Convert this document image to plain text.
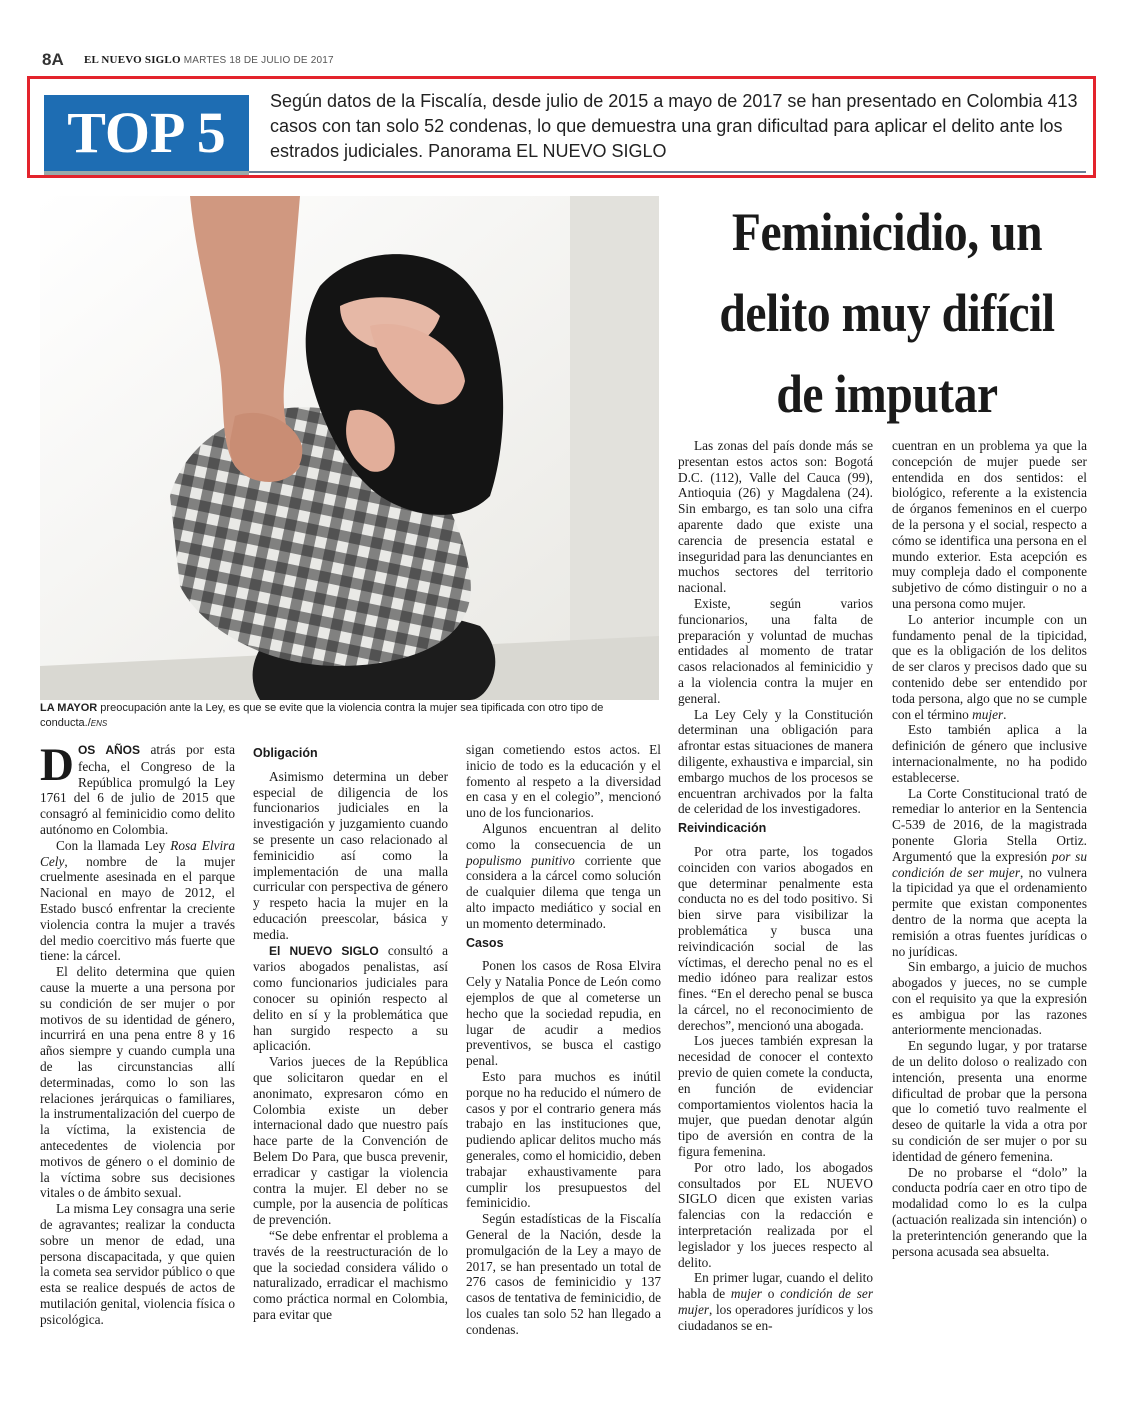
8A EL NUEVO SIGLO MARTES 18 DE JULIO DE 2017
TOP 5	Según datos de la Fiscalía, desde julio de 2015 a mayo de 2017 se han presentado en Colombia 413 casos con tan solo 52 condenas, lo que demuestra una gran dificultad para aplicar el delito ante los estrados judiciales. Panorama EL NUEVO SIGLO
LA MAYOR preocupación ante la Ley, es que se evite que la violencia contra la mujer sea tipificada con otro tipo de conducta./ENS
Feminicidio, un
delito muy difícil
de imputar

DOS AÑOS atrás por esta fecha, el Congreso de la República promulgó la Ley 1761 del 6 de julio de 2015 que consagró al feminicidio como delito autónomo en Colombia.

Con la llamada Ley Rosa Elvira Cely, nombre de la mujer cruelmente asesinada en el parque Nacional en mayo de 2012, el Estado buscó enfrentar la creciente violencia contra la mujer a través del medio coercitivo más fuerte que tiene: la cárcel.

El delito determina que quien cause la muerte a una persona por su condición de ser mujer o por motivos de su identidad de género, incurrirá en una pena entre 8 y 16 años siempre y cuando cumpla una de las circunstancias allí determinadas, como lo son las relaciones jerárquicas o familiares, la instrumentalización del cuerpo de la víctima, la existencia de antecedentes de violencia por motivos de género o el dominio de la víctima sobre sus decisiones vitales o de ámbito sexual.

La misma Ley consagra una serie de agravantes; realizar la conducta sobre un menor de edad, una persona discapacitada, y que quien la cometa sea servidor público o que esta se realice después de actos de mutilación genital, violencia física o psicológica.

Obligación

Asimismo determina un deber especial de diligencia de los funcionarios judiciales en la investigación y juzgamiento cuando se presente un caso relacionado al feminicidio así como la implementación de una malla curricular con perspectiva de género y respeto hacia la mujer en la educación preescolar, básica y media.

El NUEVO SIGLO consultó a varios abogados penalistas, así como funcionarios judiciales para conocer su opinión respecto al delito en sí y la problemática que han surgido respecto a su aplicación.

Varios jueces de la República que solicitaron quedar en el anonimato, expresaron cómo en Colombia existe un deber internacional dado que nuestro país hace parte de la Convención de Belem Do Para, que busca prevenir, erradicar y castigar la violencia contra la mujer. El deber no se cumple, por la ausencia de políticas de prevención.

“Se debe enfrentar el problema a través de la reestructuración de lo que la sociedad considera válido o naturalizado, erradicar el machismo como práctica normal en Colombia, para evitar que

sigan cometiendo estos actos. El inicio de todo es la educación y el fomento al respeto a la diversidad en casa y en el colegio”, mencionó uno de los funcionarios.

Algunos encuentran al delito como la consecuencia de un populismo punitivo corriente que considera a la cárcel como solución de cualquier dilema que tenga un alto impacto mediático y social en un momento determinado.

Casos

Ponen los casos de Rosa Elvira Cely y Natalia Ponce de León como ejemplos de que al cometerse un hecho que la sociedad repudia, en lugar de acudir a medios preventivos, se busca el castigo penal.

Esto para muchos es inútil porque no ha reducido el número de casos y por el contrario genera más trabajo en las instituciones que, pudiendo aplicar delitos mucho más generales, como el homicidio, deben trabajar exhaustivamente para cumplir los presupuestos del feminicidio.

Según estadísticas de la Fiscalía General de la Nación, desde la promulgación de la Ley a mayo de 2017, se han presentado un total de 276 casos de feminicidio y 137 casos de tentativa de feminicidio, de los cuales tan solo 52 han llegado a condenas.

Las zonas del país donde más se presentan estos actos son: Bogotá D.C. (112), Valle del Cauca (99), Antioquia (26) y Magdalena (24). Sin embargo, es tan solo una cifra aparente dado que existe una carencia de presencia estatal e inseguridad para las denunciantes en muchos sectores del territorio nacional.

Existe, según varios funcionarios, una falta de preparación y voluntad de muchas entidades al momento de tratar casos relacionados al feminicidio y a la violencia contra la mujer en general.

La Ley Cely y la Constitución determinan una obligación para afrontar estas situaciones de manera diligente, exhaustiva e imparcial, sin embargo muchos de los procesos se encuentran archivados por la falta de celeridad de los investigadores.

Reivindicación

Por otra parte, los togados coinciden con varios abogados en que determinar penalmente esta conducta no es del todo positivo. Si bien sirve para visibilizar la problemática y busca una reivindicación social de las víctimas, el derecho penal no es el medio idóneo para realizar estos fines. “En el derecho penal se busca la cárcel, no el reconocimiento de derechos”, mencionó una abogada.

Los jueces también expresan la necesidad de conocer el contexto previo de quien comete la conducta, en función de evidenciar comportamientos violentos hacia la mujer, que puedan denotar algún tipo de aversión en contra de la figura femenina.

Por otro lado, los abogados consultados por EL NUEVO SIGLO dicen que existen varias falencias con la redacción e interpretación realizada por el legislador y los jueces respecto al delito.

En primer lugar, cuando el delito habla de mujer o condición de ser mujer, los operadores jurídicos y los ciudadanos se en-

cuentran en un problema ya que la concepción de mujer puede ser entendida en dos sentidos: el biológico, referente a la existencia de órganos femeninos en el cuerpo de la persona y el social, respecto a cómo se identifica una persona en el mundo exterior. Esta acepción es muy compleja dado el componente subjetivo de cómo distinguir o no a una persona como mujer.

Lo anterior incumple con un fundamento penal de la tipicidad, que es la obligación de los delitos de ser claros y precisos dado que su contenido debe ser entendido por toda persona, algo que no se cumple con el término mujer.

Esto también aplica a la definición de género que inclusive internacionalmente, no ha podido establecerse.

La Corte Constitucional trató de remediar lo anterior en la Sentencia C-539 de 2016, de la magistrada ponente Gloria Stella Ortiz. Argumentó que la expresión por su condición de ser mujer, no vulnera la tipicidad ya que el ordenamiento permite que existan componentes dentro de la norma que acepta la remisión a otras fuentes jurídicas o no jurídicas.

Sin embargo, a juicio de muchos abogados y jueces, no se cumple con el requisito ya que la expresión es ambigua por las razones anteriormente mencionadas.

En segundo lugar, y por tratarse de un delito doloso o realizado con intención, presenta una enorme dificultad de probar que la persona que lo cometió tuvo realmente el deseo de quitarle la vida a otra por su condición de ser mujer o por su identidad de género femenina.

De no probarse el “dolo” la conducta podría caer en otro tipo de modalidad como lo es la culpa (actuación realizada sin intención) o la preterintención generando que la persona acusada sea absuelta.
